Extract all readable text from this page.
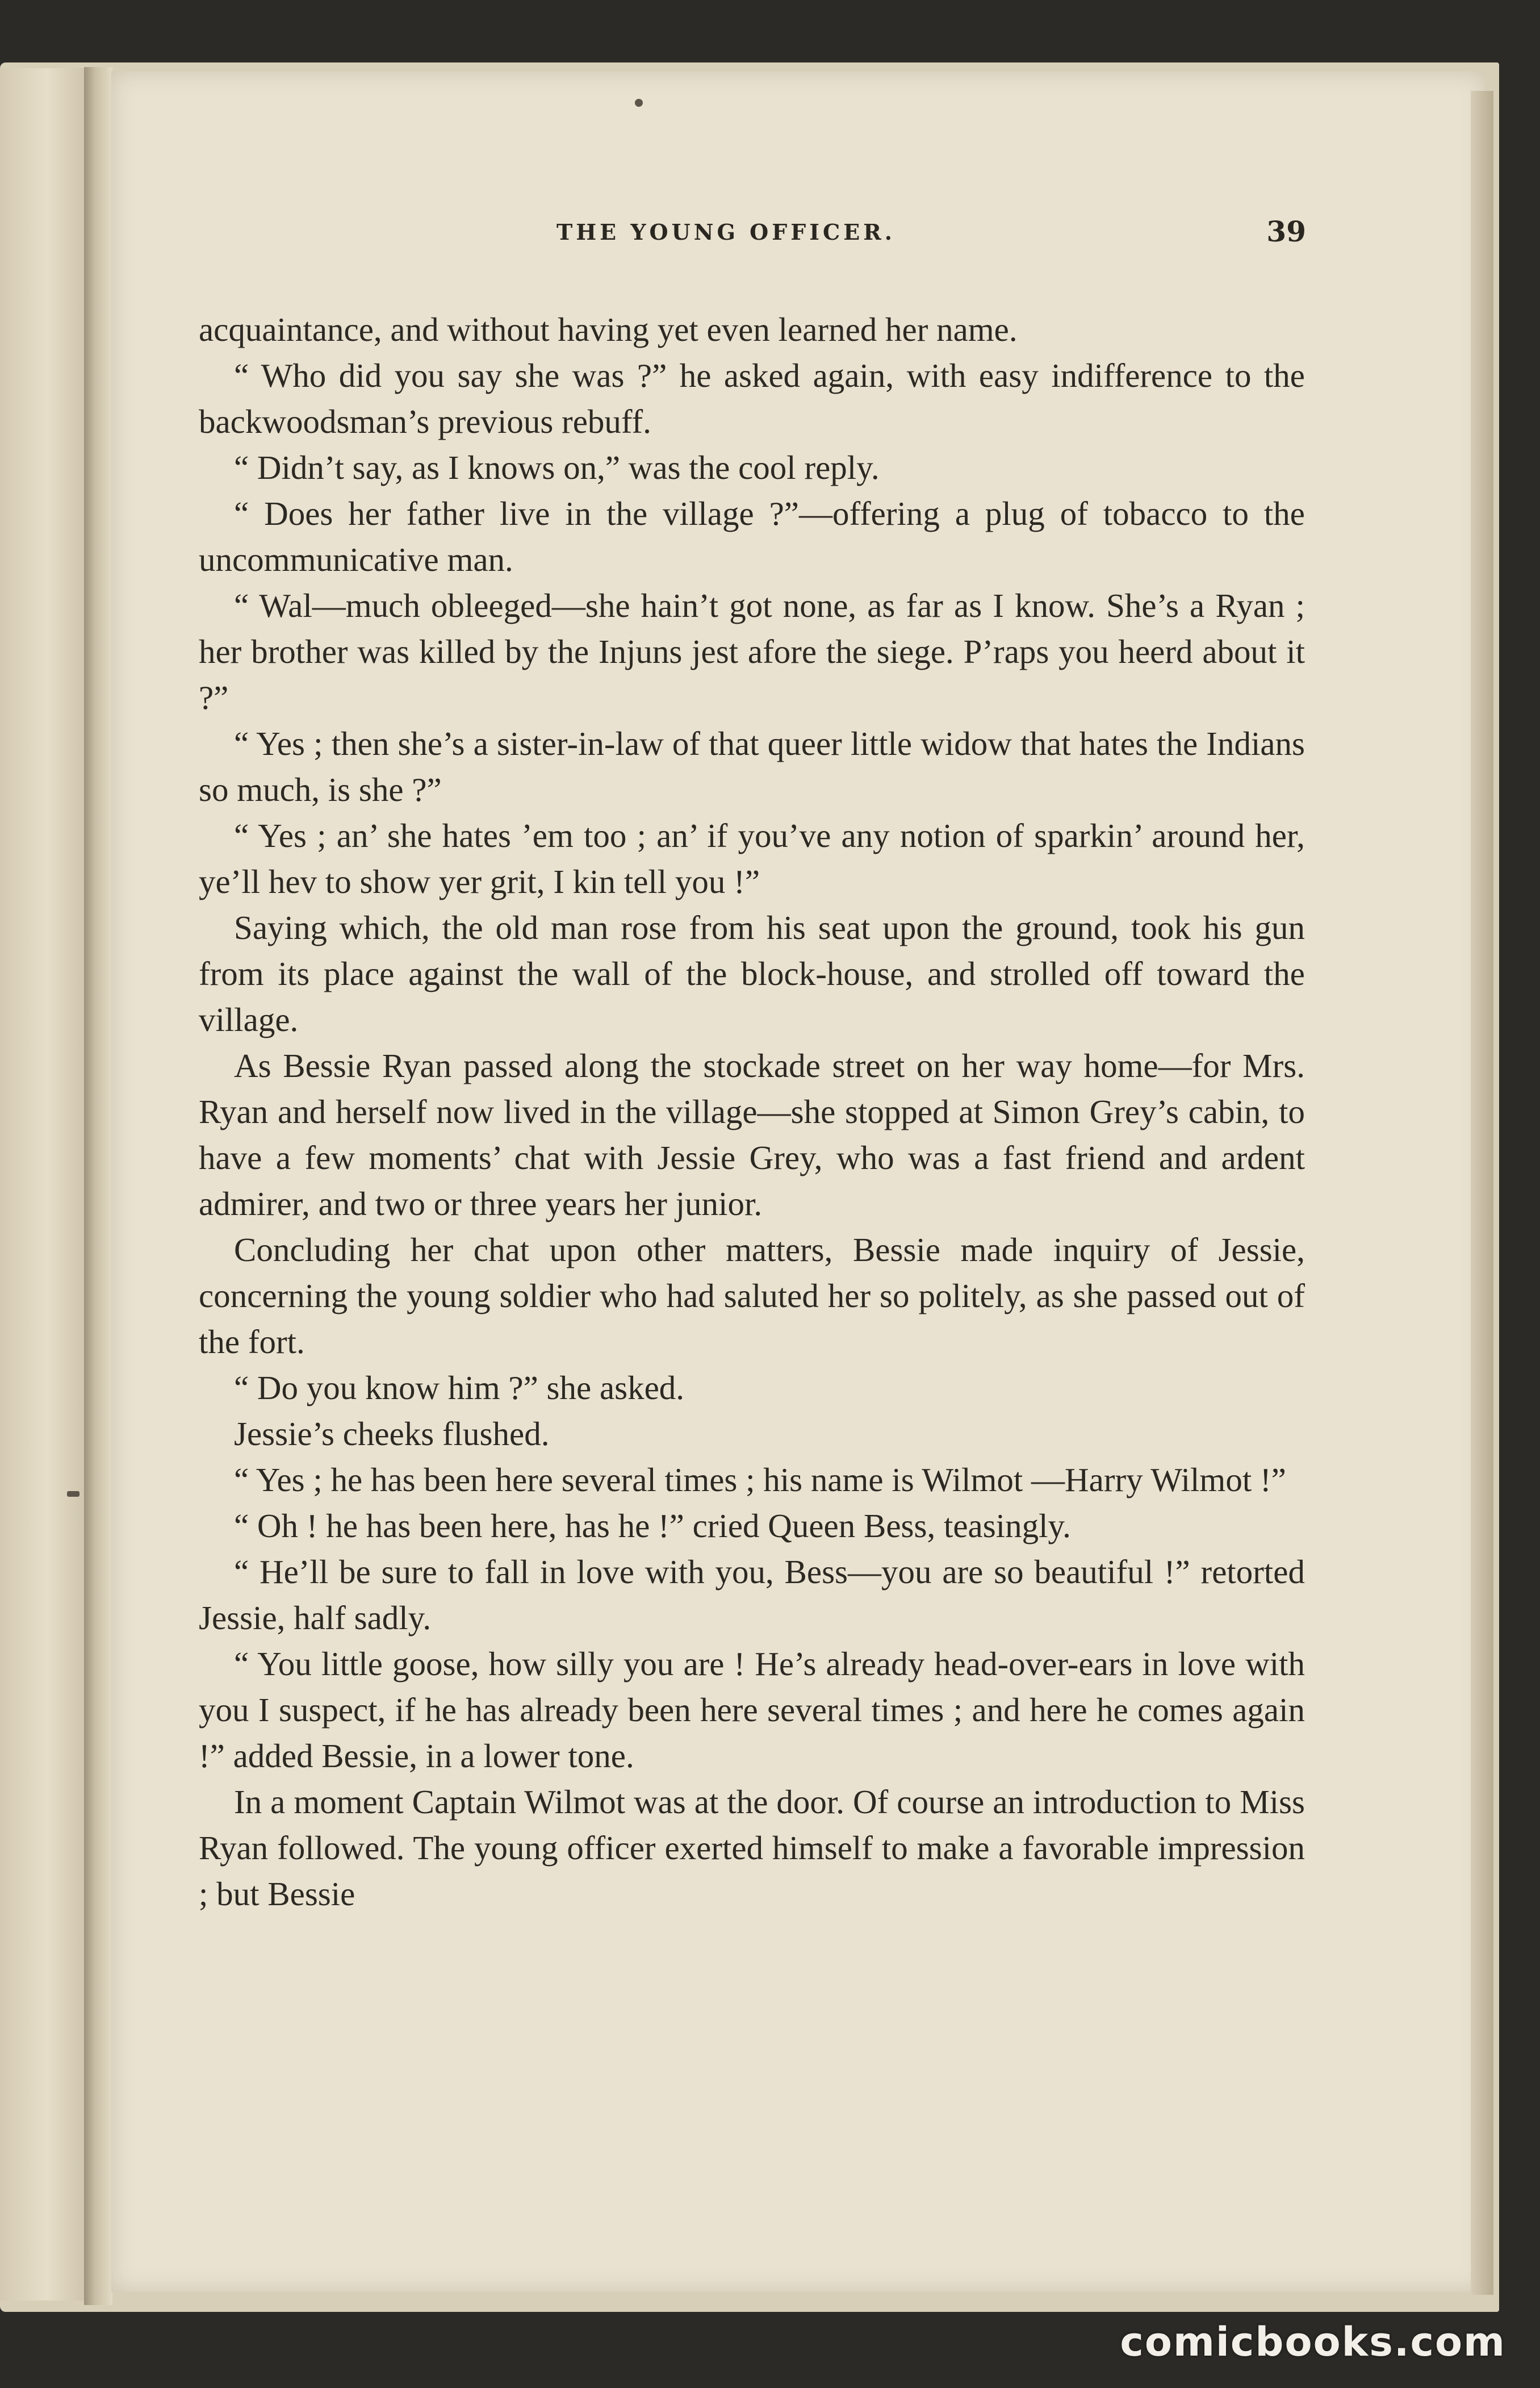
THE YOUNG OFFICER.	39

acquaintance, and without having yet even learned her name.

“ Who did you say she was ?” he asked again, with easy indifference to the backwoodsman’s previous rebuff.

“ Didn’t say, as I knows on,” was the cool reply.

“ Does her father live in the village ?”—offering a plug of tobacco to the uncommunicative man.

“ Wal—much obleeged—she hain’t got none, as far as I know. She’s a Ryan ; her brother was killed by the Injuns jest afore the siege. P’raps you heerd about it ?”

“ Yes ; then she’s a sister-in-law of that queer little widow that hates the Indians so much, is she ?”

“ Yes ; an’ she hates ’em too ; an’ if you’ve any notion of sparkin’ around her, ye’ll hev to show yer grit, I kin tell you !”

Saying which, the old man rose from his seat upon the ground, took his gun from its place against the wall of the block-house, and strolled off toward the village.

As Bessie Ryan passed along the stockade street on her way home—for Mrs. Ryan and herself now lived in the village—she stopped at Simon Grey’s cabin, to have a few moments’ chat with Jessie Grey, who was a fast friend and ardent admirer, and two or three years her junior.

Concluding her chat upon other matters, Bessie made inquiry of Jessie, concerning the young soldier who had saluted her so politely, as she passed out of the fort.

“ Do you know him ?” she asked.

Jessie’s cheeks flushed.

“ Yes ; he has been here several times ; his name is Wilmot —Harry Wilmot !”

“ Oh ! he has been here, has he !” cried Queen Bess, teasingly.

“ He’ll be sure to fall in love with you, Bess—you are so beautiful !” retorted Jessie, half sadly.

“ You little goose, how silly you are ! He’s already head-over-ears in love with you I suspect, if he has already been here several times ; and here he comes again !” added Bessie, in a lower tone.

In a moment Captain Wilmot was at the door. Of course an introduction to Miss Ryan followed. The young officer exerted himself to make a favorable impression ; but Bessie

comicbooks.com
